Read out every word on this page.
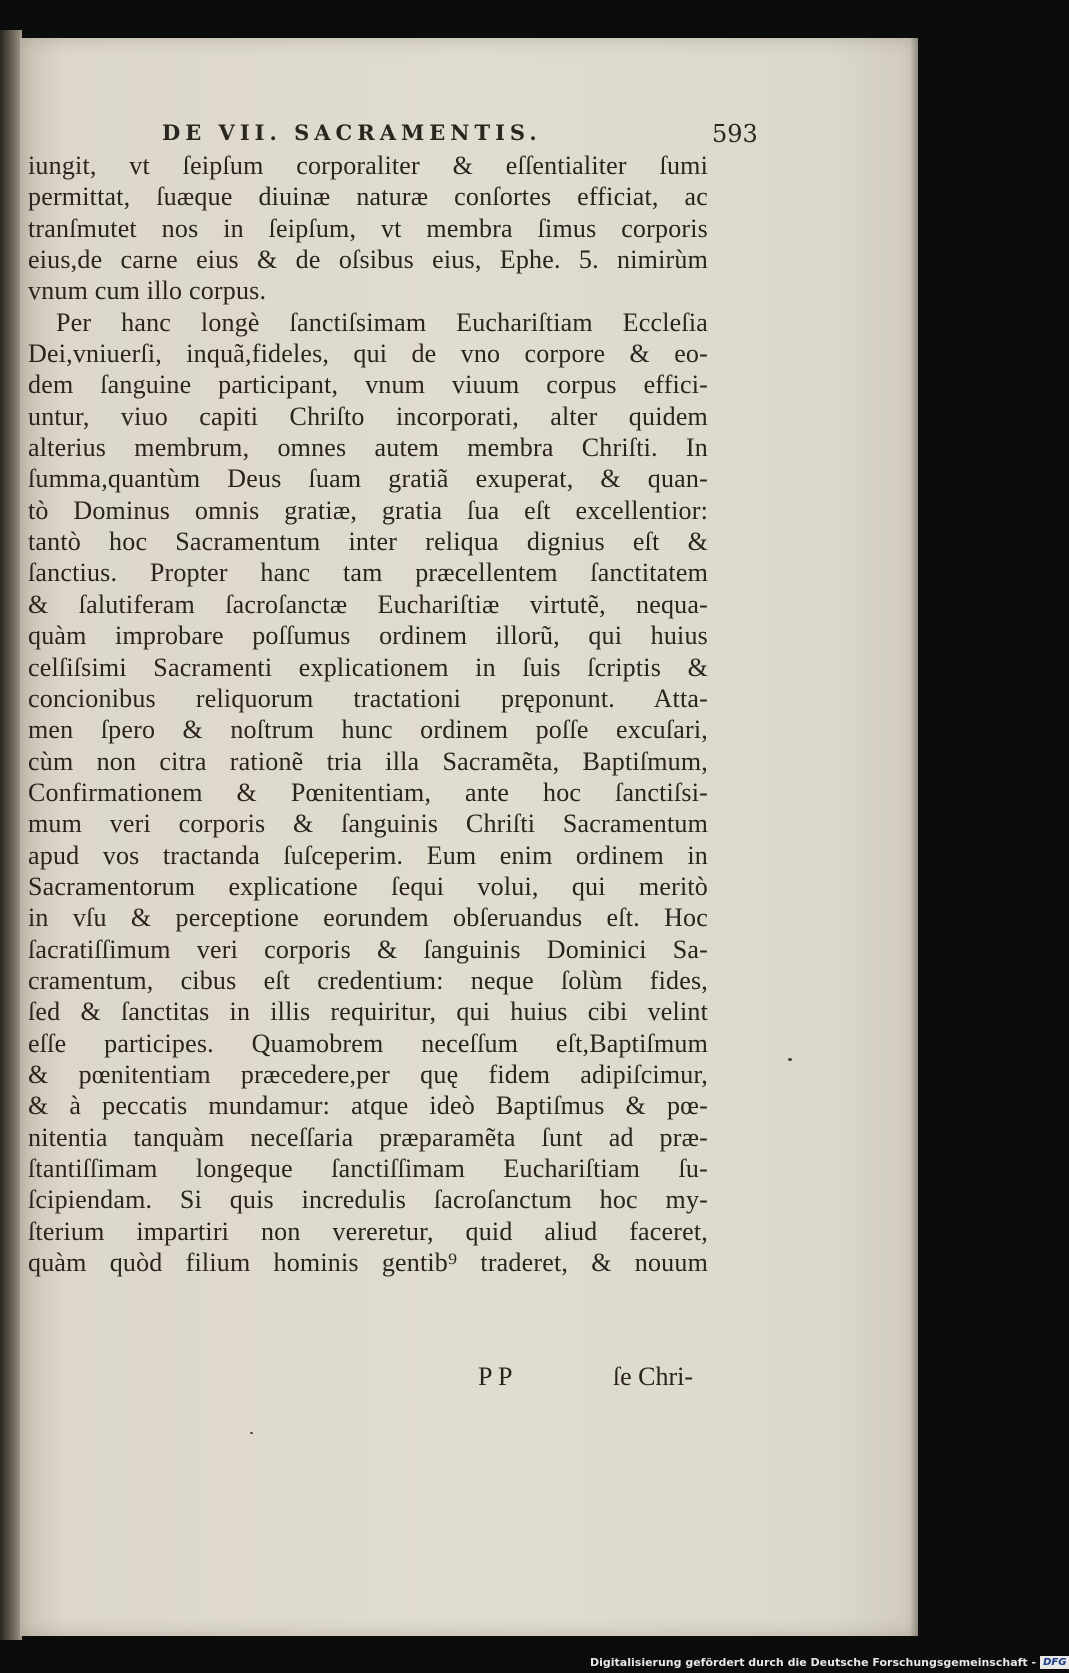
DE VII. SACRAMENTIS.	593
iungit, vt ſeipſum corporaliter & eſſentialiter ſumi
permittat, ſuæque diuinæ naturæ conſortes efficiat, ac
tranſmutet nos in ſeipſum, vt membra ſimus corporis
eius,de carne eius & de oſsibus eius, Ephe. 5. nimirùm
vnum cum illo corpus.
Per hanc longè ſanctiſsimam Euchariſtiam Eccleſia
Dei,vniuerſi, inquã,fideles, qui de vno corpore & eo-
dem ſanguine participant, vnum viuum corpus effici-
untur, viuo capiti Chriſto incorporati, alter quidem
alterius membrum, omnes autem membra Chriſti. In
ſumma,quantùm Deus ſuam gratiã exuperat, & quan-
tò Dominus omnis gratiæ, gratia ſua eſt excellentior:
tantò hoc Sacramentum inter reliqua dignius eſt &
ſanctius. Propter hanc tam præcellentem ſanctitatem
& ſalutiferam ſacroſanctæ Euchariſtiæ virtutẽ, nequa-
quàm improbare poſſumus ordinem illorũ, qui huius
celſiſsimi Sacramenti explicationem in ſuis ſcriptis &
concionibus reliquorum tractationi pręponunt. Atta-
men ſpero & noſtrum hunc ordinem poſſe excuſari,
cùm non citra rationẽ tria illa Sacramẽta, Baptiſmum,
Confirmationem & Pœnitentiam, ante hoc ſanctiſsi-
mum veri corporis & ſanguinis Chriſti Sacramentum
apud vos tractanda ſuſceperim. Eum enim ordinem in
Sacramentorum explicatione ſequi volui, qui meritò
in vſu & perceptione eorundem obſeruandus eſt. Hoc
ſacratiſſimum veri corporis & ſanguinis Dominici Sa-
cramentum, cibus eſt credentium: neque ſolùm fides,
ſed & ſanctitas in illis requiritur, qui huius cibi velint
eſſe participes. Quamobrem neceſſum eſt,Baptiſmum
& pœnitentiam præcedere,per quę fidem adipiſcimur,
& à peccatis mundamur: atque ideò Baptiſmus & pœ-
nitentia tanquàm neceſſaria præparamẽta ſunt ad præ-
ſtantiſſimam longeque ſanctiſſimam Euchariſtiam ſu-
ſcipiendam. Si quis incredulis ſacroſanctum hoc my-
ſterium impartiri non vereretur, quid aliud faceret,
quàm quòd filium hominis gentib⁹ traderet, & nouum
P P	ſe Chri-
Digitalisierung gefördert durch die Deutsche Forschungsgemeinschaft - DFG
